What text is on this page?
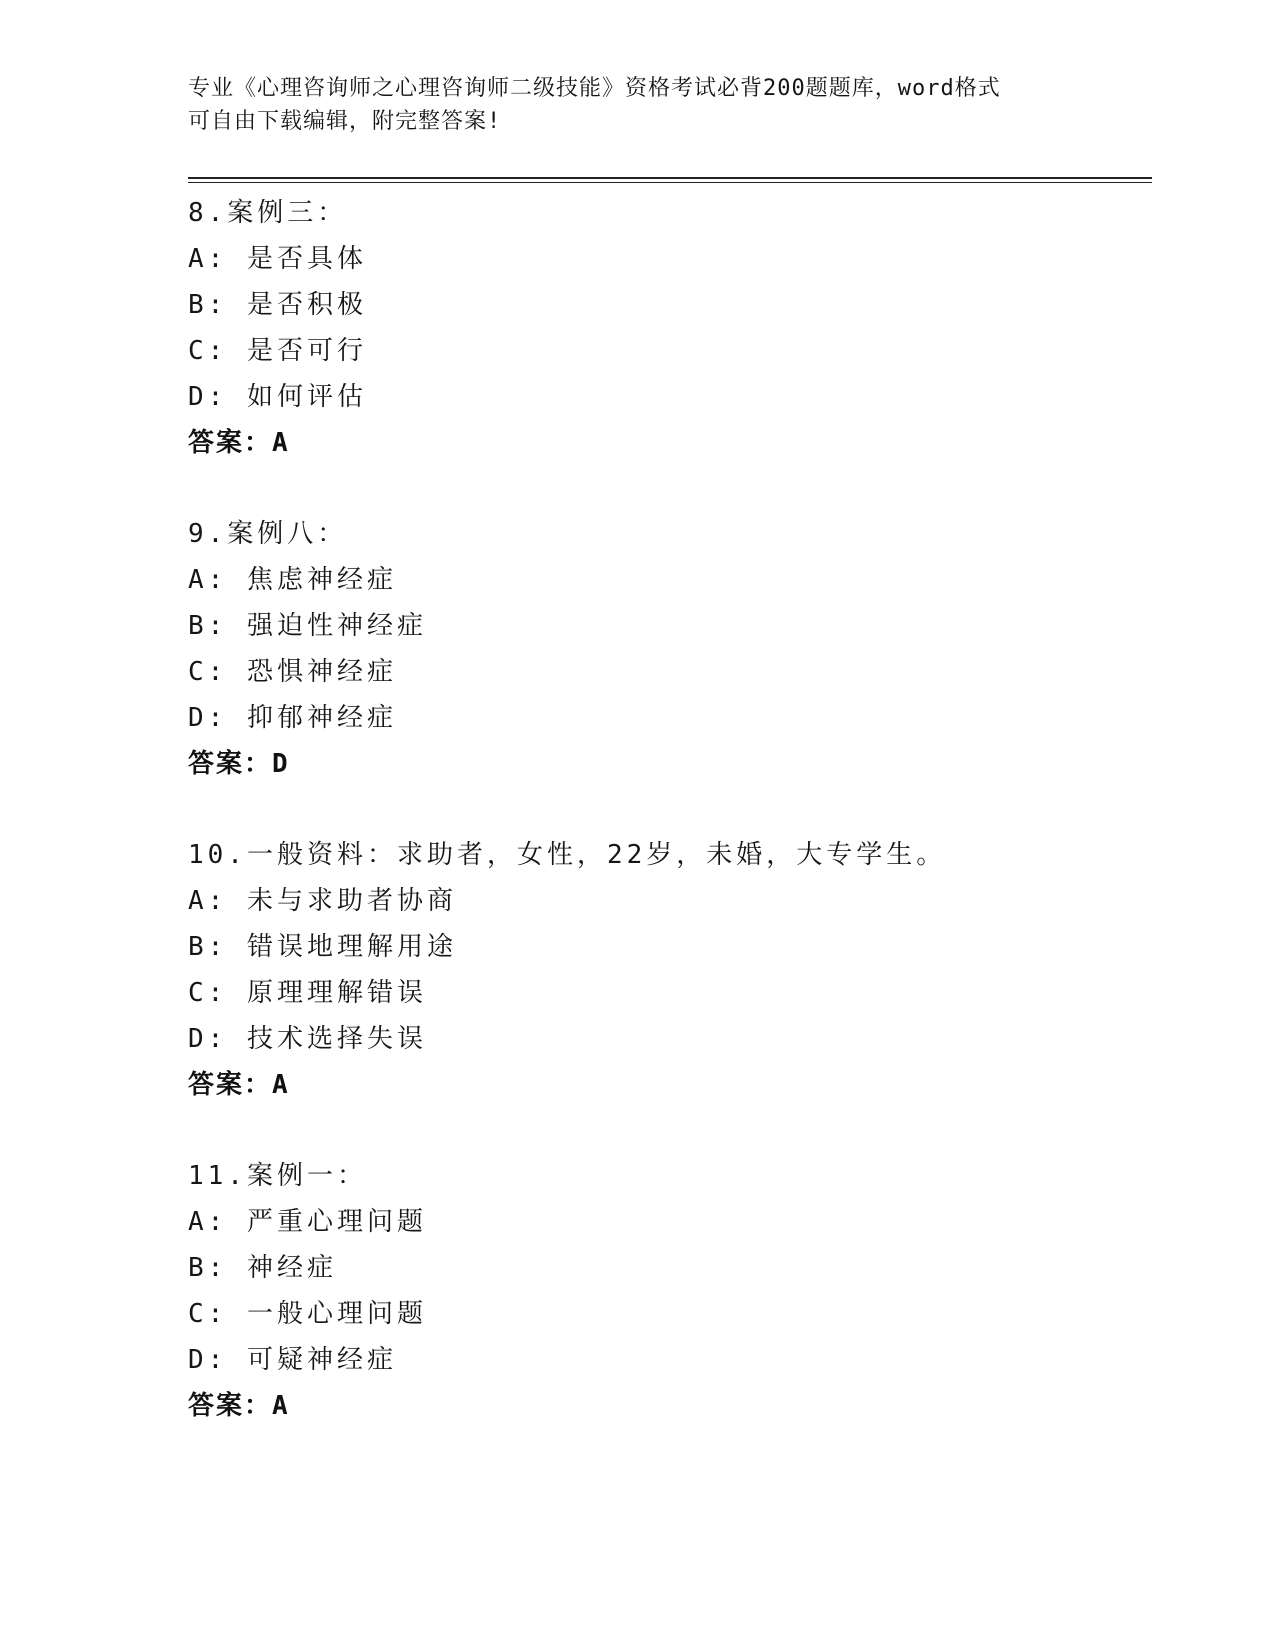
专业《心理咨询师之心理咨询师二级技能》资格考试必背200题题库，word格式
可自由下载编辑，附完整答案!
8.案例三：
A: 是否具体
B: 是否积极
C: 是否可行
D: 如何评估
答案：A
9.案例八：
A: 焦虑神经症
B: 强迫性神经症
C: 恐惧神经症
D: 抑郁神经症
答案：D
10.一般资料：求助者，女性，22岁，未婚，大专学生。
A: 未与求助者协商
B: 错误地理解用途
C: 原理理解错误
D: 技术选择失误
答案：A
11.案例一：
A: 严重心理问题
B: 神经症
C: 一般心理问题
D: 可疑神经症
答案：A
